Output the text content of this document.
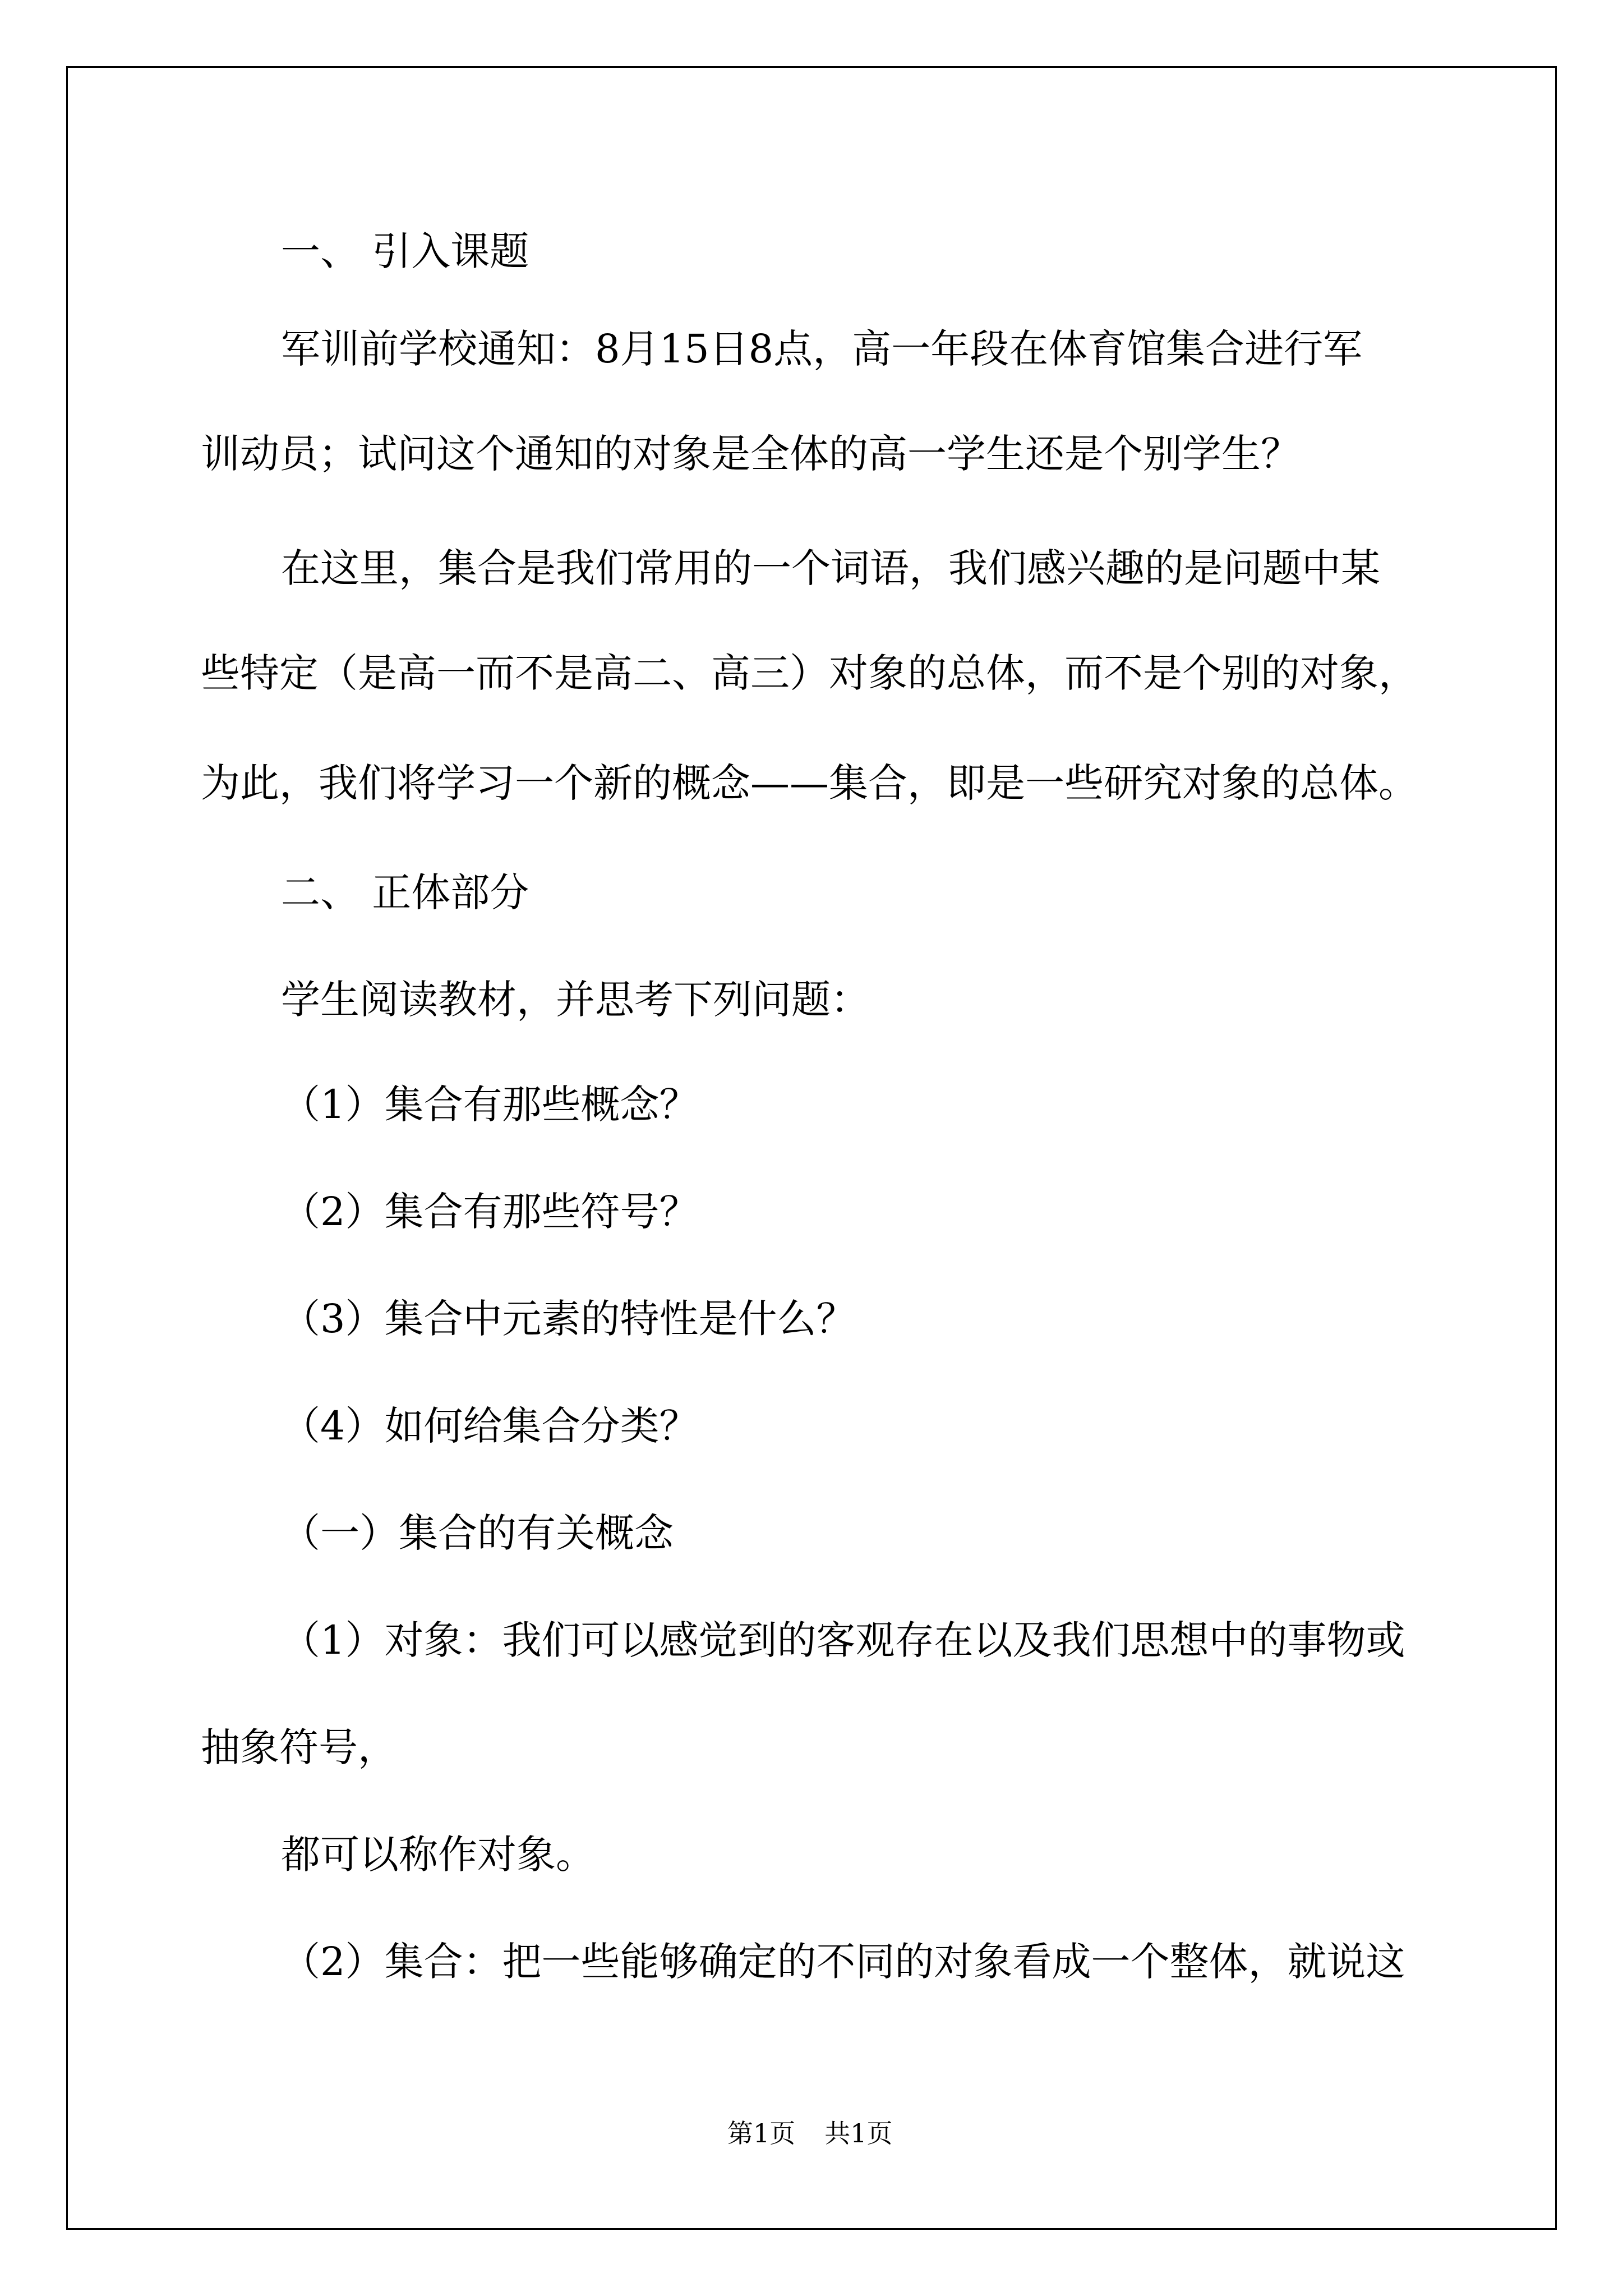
一、 引入课题
军训前学校通知：8月15日8点，高一年段在体育馆集合进行军
训动员；试问这个通知的对象是全体的高一学生还是个别学生？
在这里，集合是我们常用的一个词语，我们感兴趣的是问题中某
些特定（是高一而不是高二、高三）对象的总体，而不是个别的对象，
为此，我们将学习一个新的概念——集合，即是一些研究对象的总体。
二、 正体部分
学生阅读教材，并思考下列问题：
（1）集合有那些概念？
（2）集合有那些符号？
（3）集合中元素的特性是什么？
（4）如何给集合分类？
（一）集合的有关概念
（1）对象：我们可以感觉到的客观存在以及我们思想中的事物或
抽象符号，
都可以称作对象。
（2）集合：把一些能够确定的不同的对象看成一个整体，就说这
第1页 共1页
